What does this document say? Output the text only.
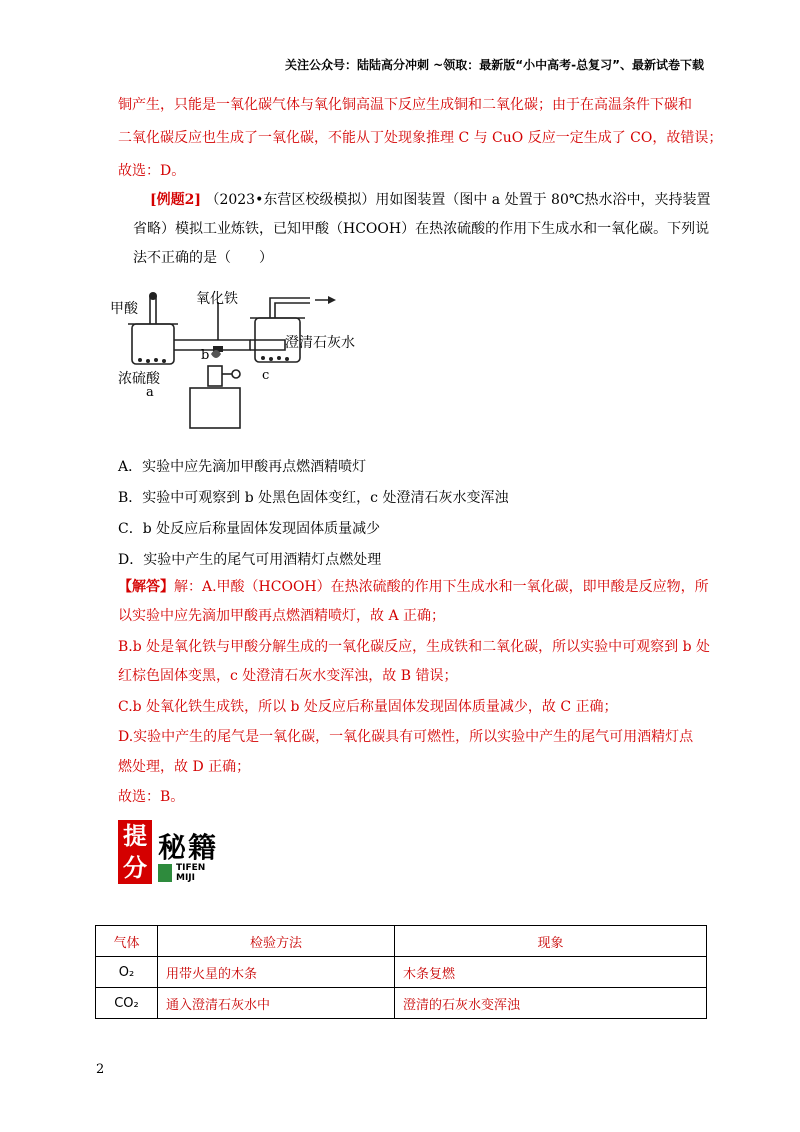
关注公众号：陆陆高分冲刺 ~领取：最新版“小中高考-总复习”、最新试卷下载
铜产生，只能是一氧化碳气体与氧化铜高温下反应生成铜和二氧化碳；由于在高温条件下碳和
二氧化碳反应也生成了一氧化碳，不能从丁处现象推理 C 与 CuO 反应一定生成了 CO，故错误；
故选：D。
[例题2] （2023•东营区校级模拟）用如图装置（图中 a 处置于 80℃热水浴中，夹持装置
省略）模拟工业炼铁，已知甲酸（HCOOH）在热浓硫酸的作用下生成水和一氧化碳。下列说
法不正确的是（　　）
甲酸
氧化铁
澄清石灰水
浓硫酸
a
b
c
A．实验中应先滴加甲酸再点燃酒精喷灯
B．实验中可观察到 b 处黑色固体变红，c 处澄清石灰水变浑浊
C．b 处反应后称量固体发现固体质量减少
D．实验中产生的尾气可用酒精灯点燃处理
【解答】解：A.甲酸（HCOOH）在热浓硫酸的作用下生成水和一氧化碳，即甲酸是反应物，所
以实验中应先滴加甲酸再点燃酒精喷灯，故 A 正确；
B.b 处是氧化铁与甲酸分解生成的一氧化碳反应，生成铁和二氧化碳，所以实验中可观察到 b 处
红棕色固体变黑，c 处澄清石灰水变浑浊，故 B 错误；
C.b 处氧化铁生成铁，所以 b 处反应后称量固体发现固体质量减少，故 C 正确；
D.实验中产生的尾气是一氧化碳，一氧化碳具有可燃性，所以实验中产生的尾气可用酒精灯点
燃处理，故 D 正确；
故选：B。
提
分
秘籍
TIFEN
MIJI
气体	检验方法	现象
O₂	用带火星的木条	木条复燃
CO₂	通入澄清石灰水中	澄清的石灰水变浑浊
2
